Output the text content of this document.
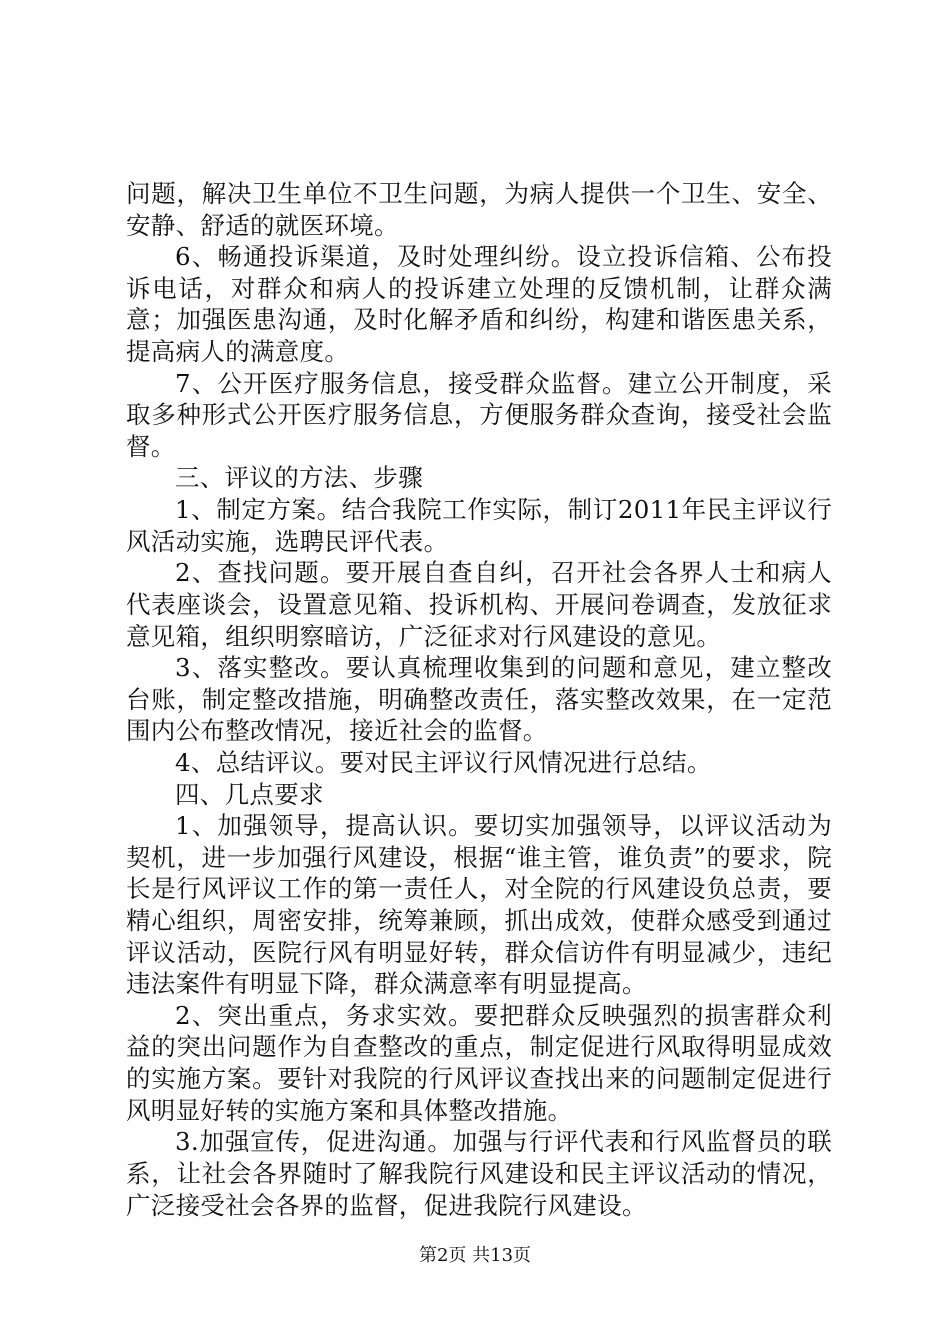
问题，解决卫生单位不卫生问题，为病人提供一个卫生、安全、安静、舒适的就医环境。

6、畅通投诉渠道，及时处理纠纷。设立投诉信箱、公布投诉电话，对群众和病人的投诉建立处理的反馈机制，让群众满意；加强医患沟通，及时化解矛盾和纠纷，构建和谐医患关系，提高病人的满意度。

7、公开医疗服务信息，接受群众监督。建立公开制度，采取多种形式公开医疗服务信息，方便服务群众查询，接受社会监督。

三、评议的方法、步骤

1、制定方案。结合我院工作实际，制订2011年民主评议行风活动实施，选聘民评代表。

2、查找问题。要开展自查自纠，召开社会各界人士和病人代表座谈会，设置意见箱、投诉机构、开展问卷调查，发放征求意见箱，组织明察暗访，广泛征求对行风建设的意见。

3、落实整改。要认真梳理收集到的问题和意见，建立整改台账，制定整改措施，明确整改责任，落实整改效果，在一定范围内公布整改情况，接近社会的监督。

4、总结评议。要对民主评议行风情况进行总结。

四、几点要求

1、加强领导，提高认识。要切实加强领导，以评议活动为契机，进一步加强行风建设，根据“谁主管，谁负责”的要求，院长是行风评议工作的第一责任人，对全院的行风建设负总责，要精心组织，周密安排，统筹兼顾，抓出成效，使群众感受到通过评议活动，医院行风有明显好转，群众信访件有明显减少，违纪违法案件有明显下降，群众满意率有明显提高。

2、突出重点，务求实效。要把群众反映强烈的损害群众利益的突出问题作为自查整改的重点，制定促进行风取得明显成效的实施方案。要针对我院的行风评议查找出来的问题制定促进行风明显好转的实施方案和具体整改措施。

3.加强宣传，促进沟通。加强与行评代表和行风监督员的联系，让社会各界随时了解我院行风建设和民主评议活动的情况，广泛接受社会各界的监督，促进我院行风建设。

第2页 共13页
